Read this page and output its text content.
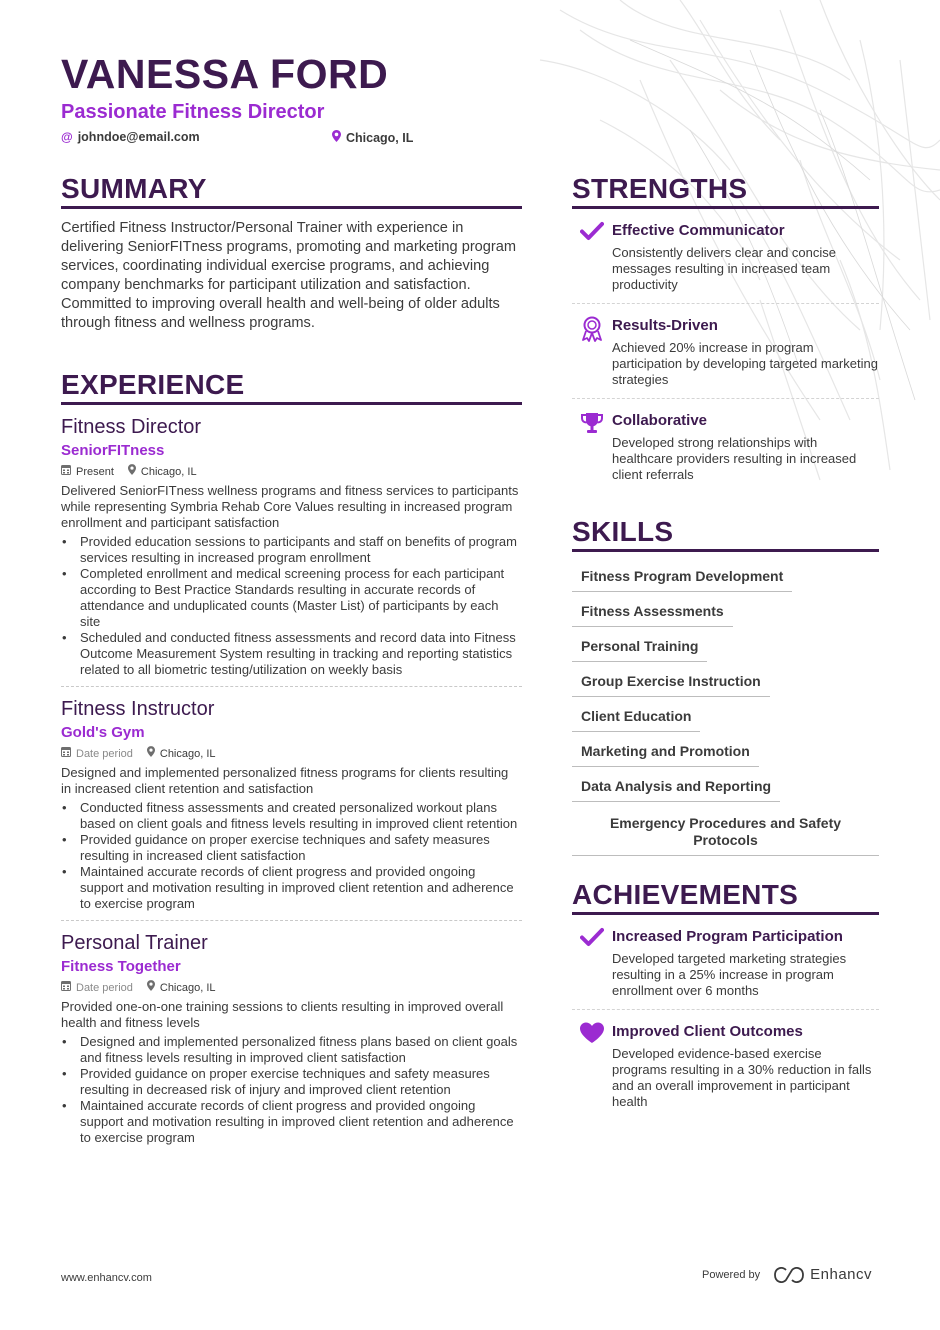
VANESSA FORD
Passionate Fitness Director
@ johndoe@email.com	Chicago, IL
SUMMARY
Certified Fitness Instructor/Personal Trainer with experience in delivering SeniorFITness programs, promoting and marketing program services, coordinating individual exercise programs, and achieving company benchmarks for participant utilization and satisfaction. Committed to improving overall health and well-being of older adults through fitness and wellness programs.
EXPERIENCE
Fitness Director
SeniorFITness
Present Chicago, IL
Delivered SeniorFITness wellness programs and fitness services to participants while representing Symbria Rehab Core Values resulting in increased program enrollment and participant satisfaction
• Provided education sessions to participants and staff on benefits of program services resulting in increased program enrollment
• Completed enrollment and medical screening process for each participant according to Best Practice Standards resulting in accurate records of attendance and unduplicated counts (Master List) of participants by each site
• Scheduled and conducted fitness assessments and record data into Fitness Outcome Measurement System resulting in tracking and reporting statistics related to all biometric testing/utilization on weekly basis
Fitness Instructor
Gold's Gym
Date period Chicago, IL
Designed and implemented personalized fitness programs for clients resulting in increased client retention and satisfaction
• Conducted fitness assessments and created personalized workout plans based on client goals and fitness levels resulting in improved client retention
• Provided guidance on proper exercise techniques and safety measures resulting in increased client satisfaction
• Maintained accurate records of client progress and provided ongoing support and motivation resulting in improved client retention and adherence to exercise program
Personal Trainer
Fitness Together
Date period Chicago, IL
Provided one-on-one training sessions to clients resulting in improved overall health and fitness levels
• Designed and implemented personalized fitness plans based on client goals and fitness levels resulting in improved client satisfaction
• Provided guidance on proper exercise techniques and safety measures resulting in decreased risk of injury and improved client retention
• Maintained accurate records of client progress and provided ongoing support and motivation resulting in improved client retention and adherence to exercise program
STRENGTHS
Effective Communicator
Consistently delivers clear and concise messages resulting in increased team productivity
Results-Driven
Achieved 20% increase in program participation by developing targeted marketing strategies
Collaborative
Developed strong relationships with healthcare providers resulting in increased client referrals
SKILLS
Fitness Program Development
Fitness Assessments
Personal Training
Group Exercise Instruction
Client Education
Marketing and Promotion
Data Analysis and Reporting
Emergency Procedures and Safety Protocols
ACHIEVEMENTS
Increased Program Participation
Developed targeted marketing strategies resulting in a 25% increase in program enrollment over 6 months
Improved Client Outcomes
Developed evidence-based exercise programs resulting in a 30% reduction in falls and an overall improvement in participant health
www.enhancv.com	Powered by	Enhancv
